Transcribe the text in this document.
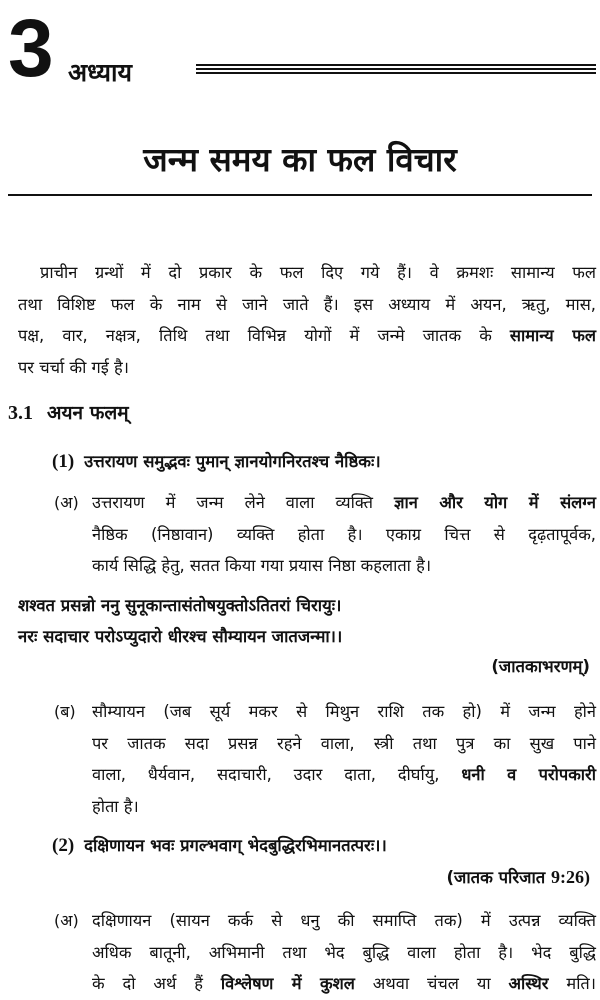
3 अध्याय
जन्म समय का फल विचार
प्राचीन ग्रन्थों में दो प्रकार के फल दिए गये हैं। वे क्रमशः सामान्य फल
तथा विशिष्ट फल के नाम से जाने जाते हैं। इस अध्याय में अयन, ऋतु, मास,
पक्ष, वार, नक्षत्र, तिथि तथा विभिन्न योगों में जन्मे जातक के सामान्य फल
पर चर्चा की गई है।
3.1 अयन फलम्
(1) उत्तरायण समुद्भवः पुमान् ज्ञानयोगनिरतश्च नैष्ठिकः।
(अ) उत्तरायण में जन्म लेने वाला व्यक्ति ज्ञान और योग में संलग्न
नैष्ठिक (निष्ठावान) व्यक्ति होता है। एकाग्र चित्त से दृढ़तापूर्वक,
कार्य सिद्धि हेतु, सतत किया गया प्रयास निष्ठा कहलाता है।
शश्वत प्रसन्नो ननु सुनूकान्तासंतोषयुक्तोऽतितरां चिरायुः।
नरः सदाचार परोऽप्युदारो धीरश्च सौम्यायन जातजन्मा।।
(जातकाभरणम्)
(ब) सौम्यायन (जब सूर्य मकर से मिथुन राशि तक हो) में जन्म होने
पर जातक सदा प्रसन्न रहने वाला, स्त्री तथा पुत्र का सुख पाने
वाला, धैर्यवान, सदाचारी, उदार दाता, दीर्घायु, धनी व परोपकारी
होता है।
(2) दक्षिणायन भवः प्रगल्भवाग् भेदबुद्धिरभिमानतत्परः।।
(जातक परिजात 9:26)
(अ) दक्षिणायन (सायन कर्क से धनु की समाप्ति तक) में उत्पन्न व्यक्ति
अधिक बातूनी, अभिमानी तथा भेद बुद्धि वाला होता है। भेद बुद्धि
के दो अर्थ हैं विश्लेषण में कुशल अथवा चंचल या अस्थिर मति।
